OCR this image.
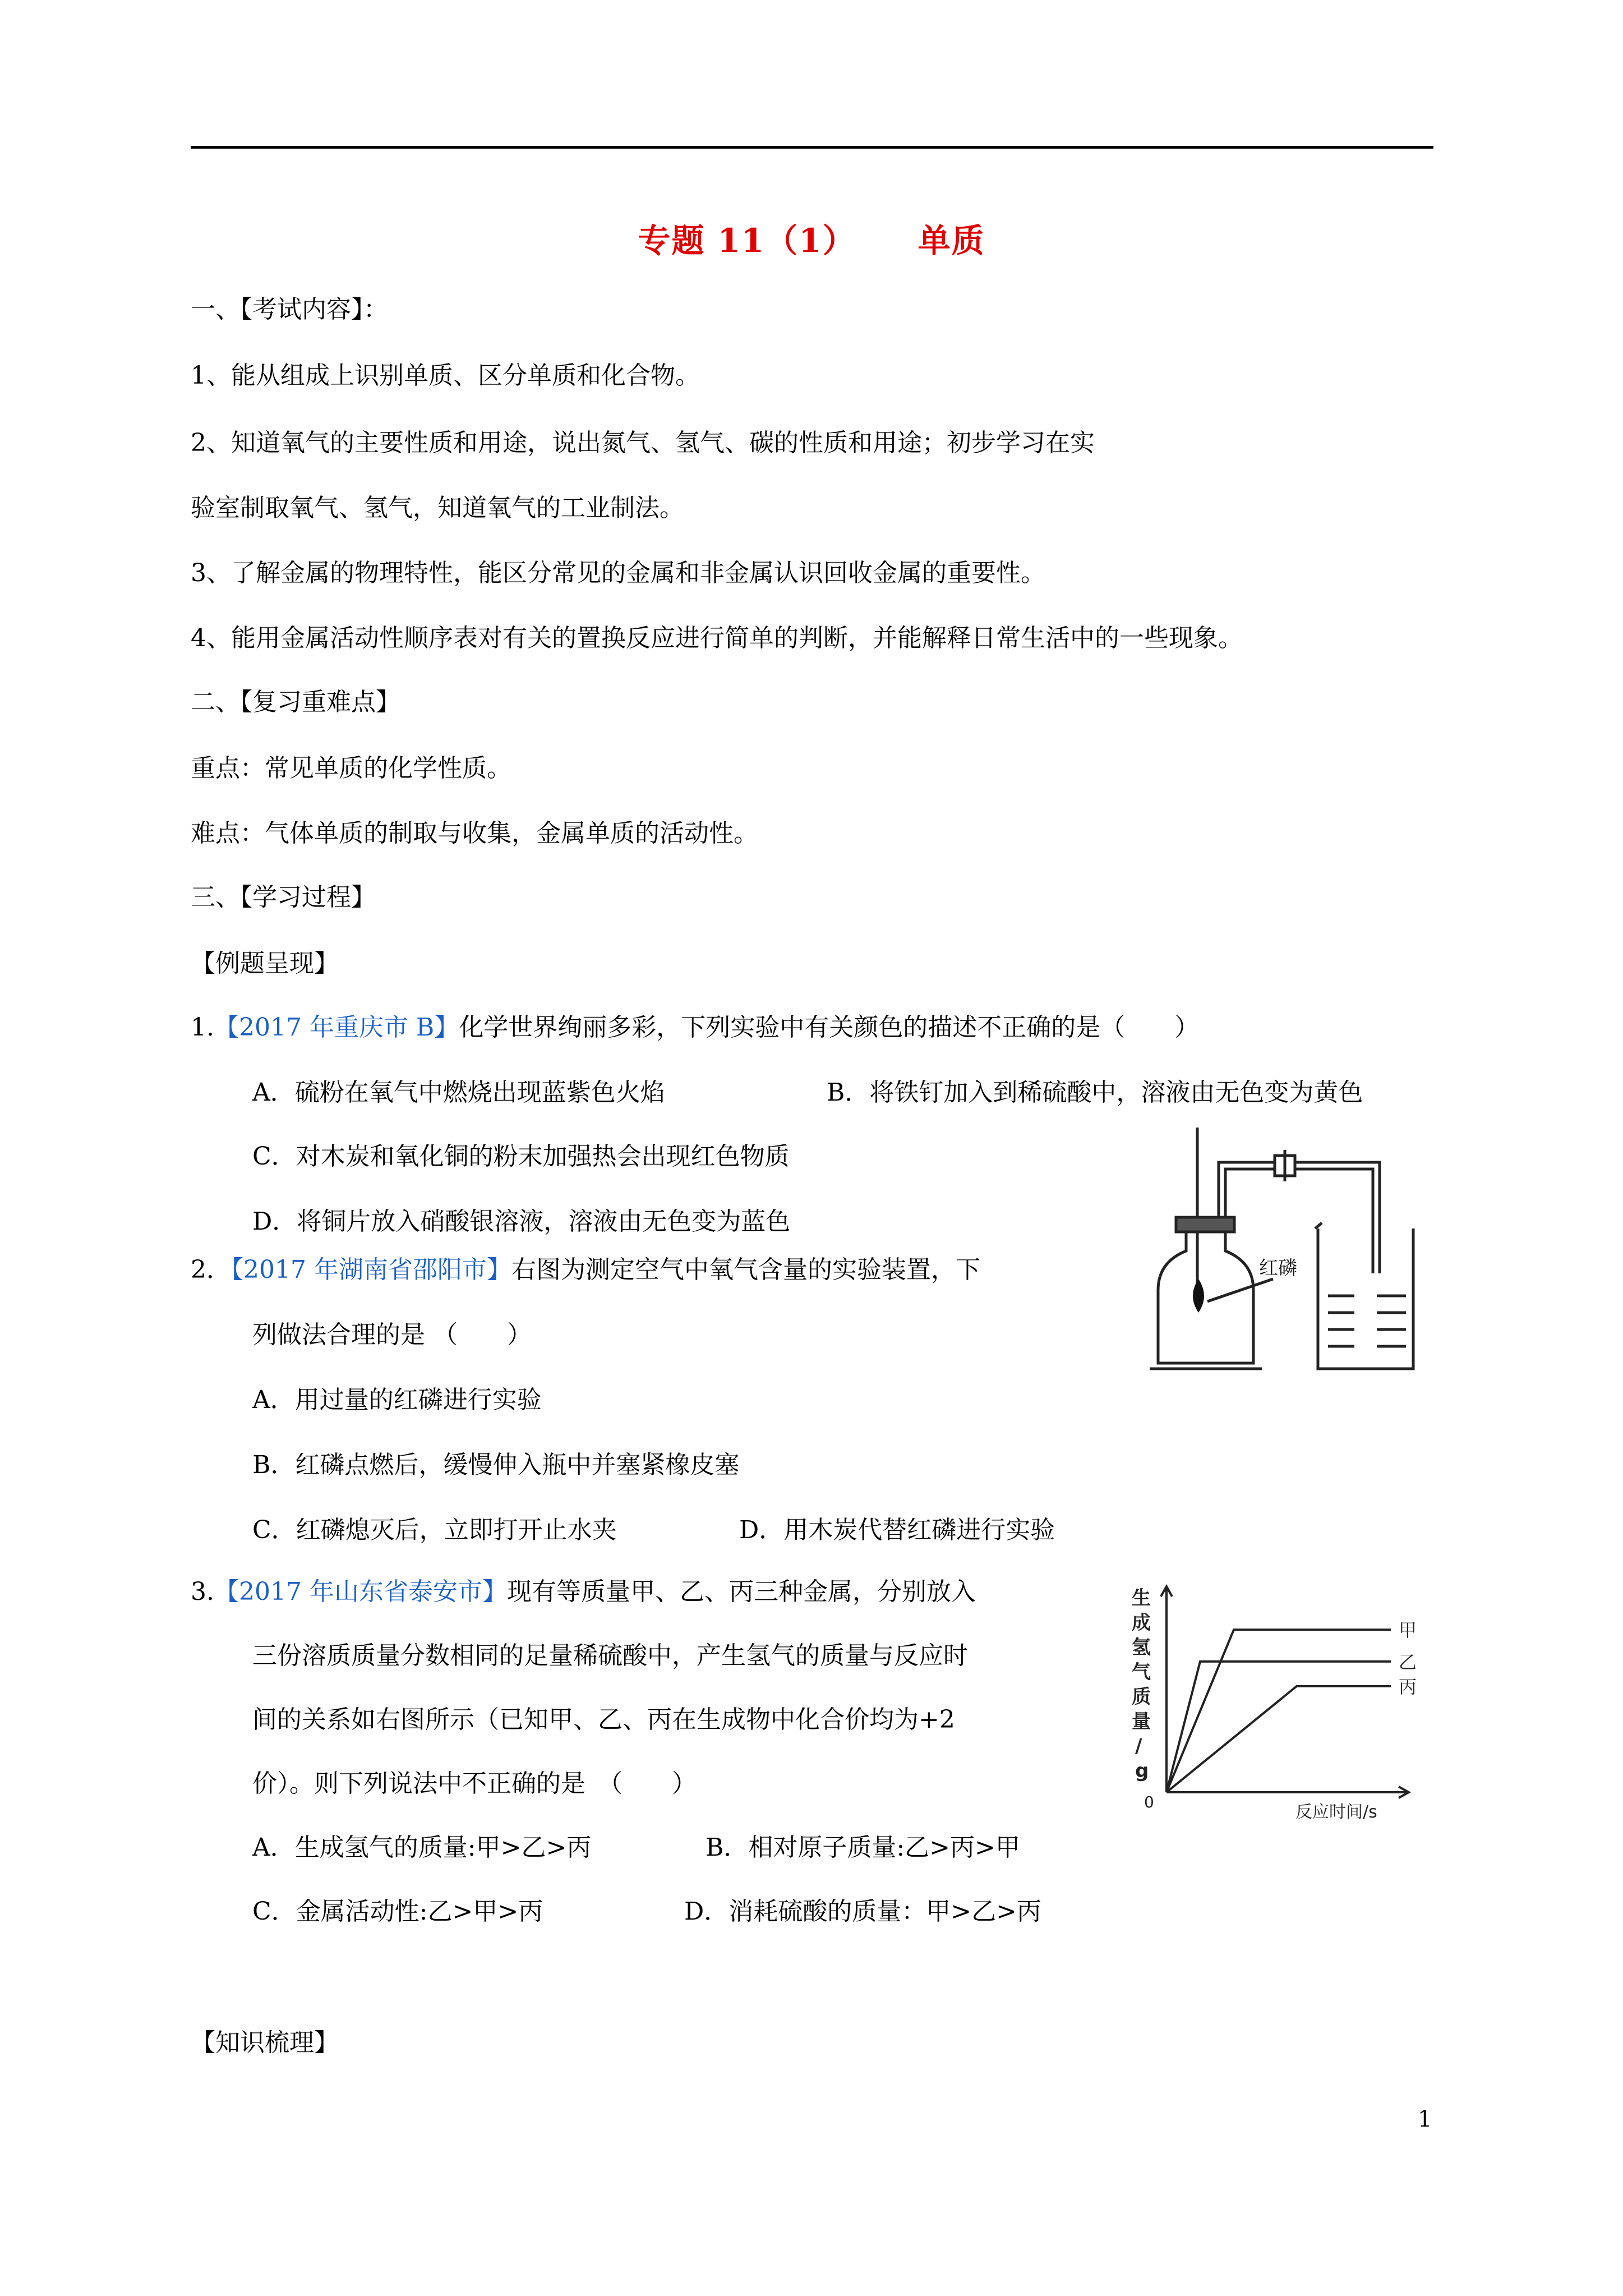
专题 11（1） 单质
一、【考试内容】：
1、能从组成上识别单质、区分单质和化合物。
2、知道氧气的主要性质和用途，说出氮气、氢气、碳的性质和用途；初步学习在实
验室制取氧气、氢气，知道氧气的工业制法。
3、了解金属的物理特性，能区分常见的金属和非金属认识回收金属的重要性。
4、能用金属活动性顺序表对有关的置换反应进行简单的判断，并能解释日常生活中的一些现象。
二、【复习重难点】
重点：常见单质的化学性质。
难点：气体单质的制取与收集，金属单质的活动性。
三、【学习过程】
【例题呈现】
1.【2017 年重庆市 B】化学世界绚丽多彩，下列实验中有关颜色的描述不正确的是（　　）
A．硫粉在氧气中燃烧出现蓝紫色火焰	B．将铁钉加入到稀硫酸中，溶液由无色变为黄色
C．对木炭和氧化铜的粉末加强热会出现红色物质
D．将铜片放入硝酸银溶液，溶液由无色变为蓝色
2．【2017 年湖南省邵阳市】右图为测定空气中氧气含量的实验装置，下
列做法合理的是 （　　）
A．用过量的红磷进行实验
B．红磷点燃后，缓慢伸入瓶中并塞紧橡皮塞
C．红磷熄灭后，立即打开止水夹	D．用木炭代替红磷进行实验
红磷
3.【2017 年山东省泰安市】现有等质量甲、乙、丙三种金属，分别放入
三份溶质质量分数相同的足量稀硫酸中，产生氢气的质量与反应时
间的关系如右图所示（已知甲、乙、丙在生成物中化合价均为+2
价）。则下列说法中不正确的是　（　　）
A．生成氢气的质量:甲>乙>丙	B．相对原子质量:乙>丙>甲
C．金属活动性:乙>甲>丙	D．消耗硫酸的质量：甲>乙>丙
生
成
氢
气
质
量
/
g
0
反应时间/s
甲
乙
丙
【知识梳理】
1
